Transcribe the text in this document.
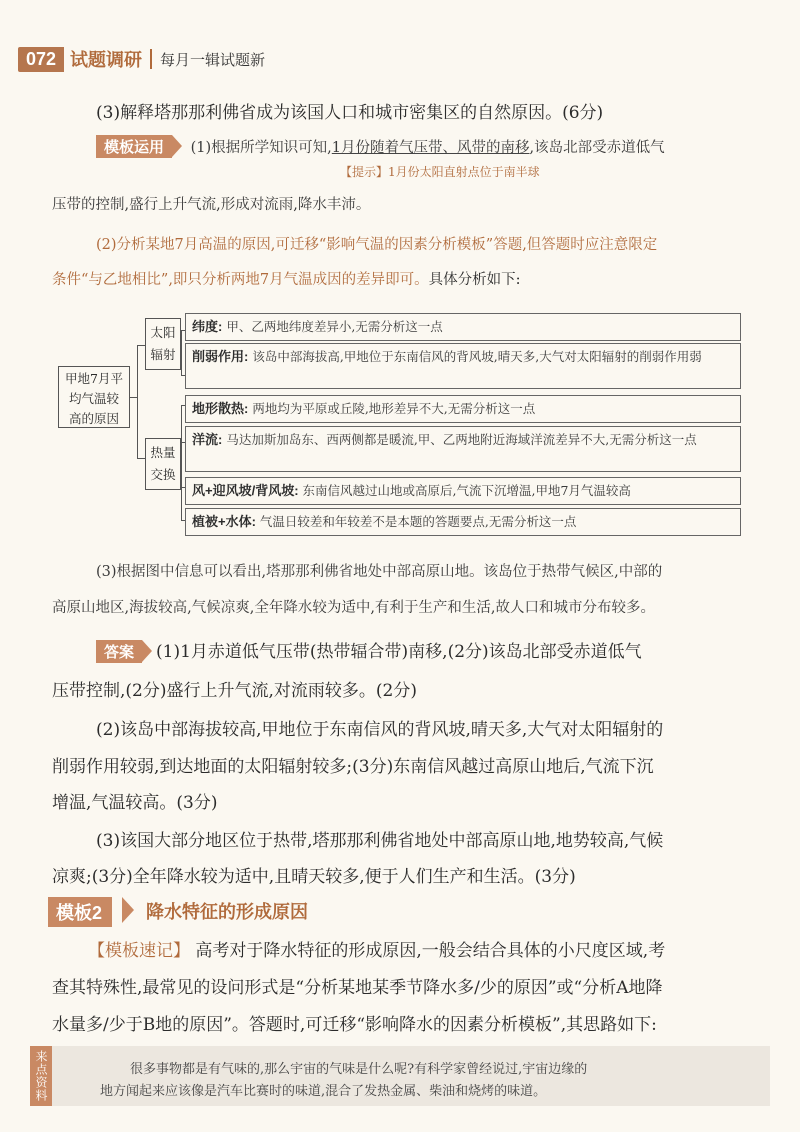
072 试题调研 每月一辑试题新
(3)解释塔那那利佛省成为该国人口和城市密集区的自然原因。(6分)
模板运用 (1)根据所学知识可知,1月份随着气压带、风带的南移,该岛北部受赤道低气
【提示】1月份太阳直射点位于南半球
压带的控制,盛行上升气流,形成对流雨,降水丰沛。
(2)分析某地7月高温的原因,可迁移“影响气温的因素分析模板”答题,但答题时应注意限定
条件“与乙地相比”,即只分析两地7月气温成因的差异即可。具体分析如下:
甲地7月平均气温较高的原因
太阳辐射
热量交换
纬度: 甲、乙两地纬度差异小,无需分析这一点
削弱作用: 该岛中部海拔高,甲地位于东南信风的背风坡,晴天多,大气对太阳辐射的削弱作用弱
地形散热: 两地均为平原或丘陵,地形差异不大,无需分析这一点
洋流: 马达加斯加岛东、西两侧都是暖流,甲、乙两地附近海域洋流差异不大,无需分析这一点
风+迎风坡/背风坡: 东南信风越过山地或高原后,气流下沉增温,甲地7月气温较高
植被+水体: 气温日较差和年较差不是本题的答题要点,无需分析这一点
(3)根据图中信息可以看出,塔那那利佛省地处中部高原山地。该岛位于热带气候区,中部的
高原山地区,海拔较高,气候凉爽,全年降水较为适中,有利于生产和生活,故人口和城市分布较多。
答案 (1)1月赤道低气压带(热带辐合带)南移,(2分)该岛北部受赤道低气
压带控制,(2分)盛行上升气流,对流雨较多。(2分)
(2)该岛中部海拔较高,甲地位于东南信风的背风坡,晴天多,大气对太阳辐射的
削弱作用较弱,到达地面的太阳辐射较多;(3分)东南信风越过高原山地后,气流下沉
增温,气温较高。(3分)
(3)该国大部分地区位于热带,塔那那利佛省地处中部高原山地,地势较高,气候
凉爽;(3分)全年降水较为适中,且晴天较多,便于人们生产和生活。(3分)
模板2	降水特征的形成原因
【模板速记】 高考对于降水特征的形成原因,一般会结合具体的小尺度区域,考
查其特殊性,最常见的设问形式是“分析某地某季节降水多/少的原因”或“分析A地降
水量多/少于B地的原因”。答题时,可迁移“影响降水的因素分析模板”,其思路如下:
来点资料	很多事物都是有气味的,那么宇宙的气味是什么呢?有科学家曾经说过,宇宙边缘的
地方闻起来应该像是汽车比赛时的味道,混合了发热金属、柴油和烧烤的味道。
